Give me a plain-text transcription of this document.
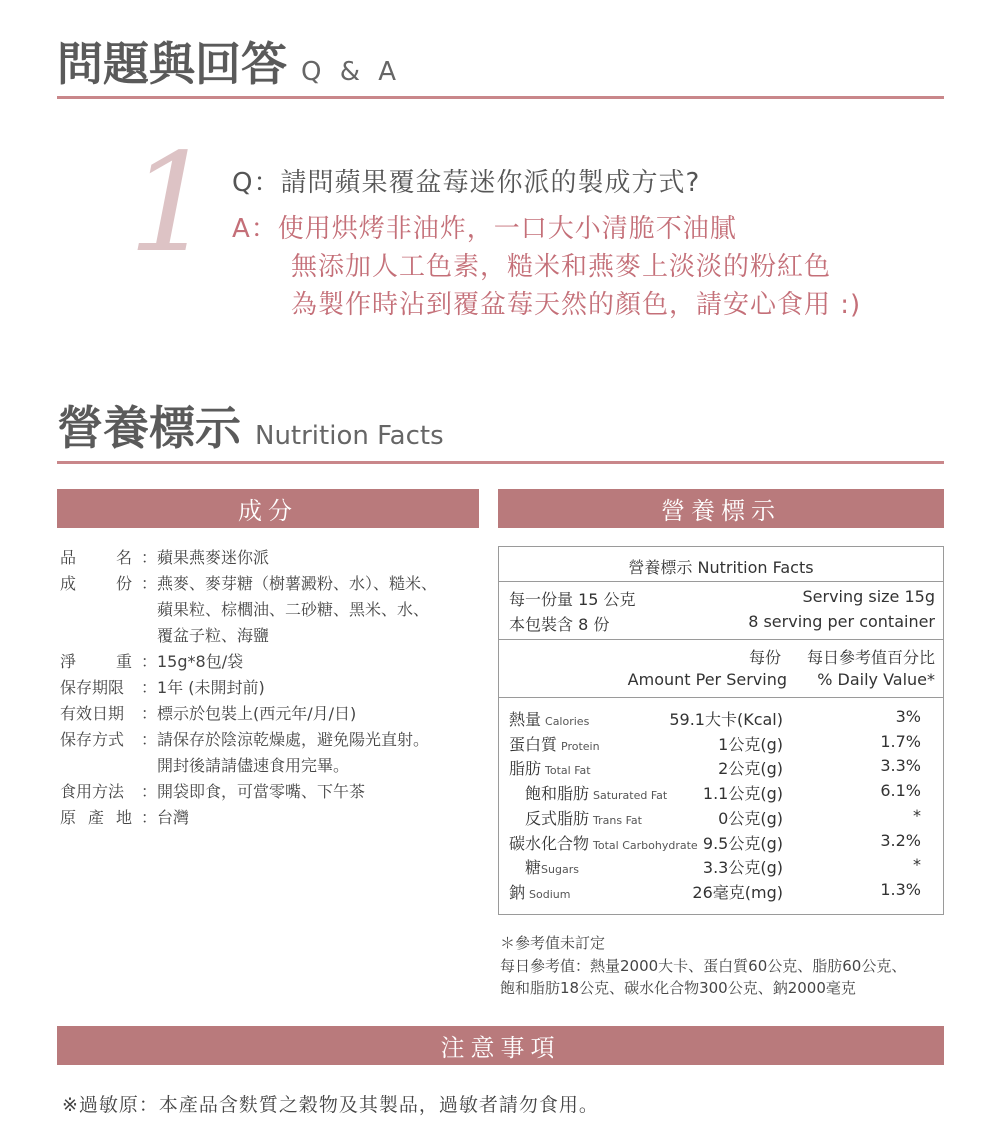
問題與回答 Q & A
1 Q：請問蘋果覆盆莓迷你派的製成方式?
A：使用烘烤非油炸，一口大小清脆不油膩
無添加人工色素，糙米和燕麥上淡淡的粉紅色
為製作時沾到覆盆莓天然的顏色，請安心食用 :)
營養標示 Nutrition Facts
成分	營養標示
品 名 ： 蘋果燕麥迷你派
成 份 ： 燕麥、麥芽糖（樹薯澱粉、水）、糙米、
蘋果粒、棕櫚油、二砂糖、黑米、水、
覆盆子粒、海鹽
淨 重 ： 15g*8包/袋
保存期限	： 1年 (未開封前)
有效日期	： 標示於包裝上(西元年/月/日)
保存方式	： 請保存於陰涼乾燥處，避免陽光直射。
開封後請請儘速食用完畢。
食用方法	： 開袋即食，可當零嘴、下午茶
原 產 地 ： 台灣
營養標示 Nutrition Facts
每一份量 15 公克	Serving size 15g
本包裝含 8 份	8 serving per container
每份 每日參考值百分比
Amount Per Serving % Daily Value*
熱量 Calories	59.1大卡(Kcal)	3%
蛋白質 Protein	1公克(g)	1.7%
脂肪 Total Fat	2公克(g)	3.3%
飽和脂肪 Saturated Fat 1.1公克(g)	6.1%
反式脂肪 Trans Fat	0公克(g)	*
碳水化合物 Total Carbohydrate 9.5公克(g)	3.2%
糖Sugars	3.3公克(g)	*
鈉 Sodium	26毫克(mg)	1.3%
＊參考值未訂定
每日參考值：熱量2000大卡、蛋白質60公克、脂肪60公克、
飽和脂肪18公克、碳水化合物300公克、鈉2000毫克
注意事項
※過敏原：本產品含麩質之穀物及其製品，過敏者請勿食用。
